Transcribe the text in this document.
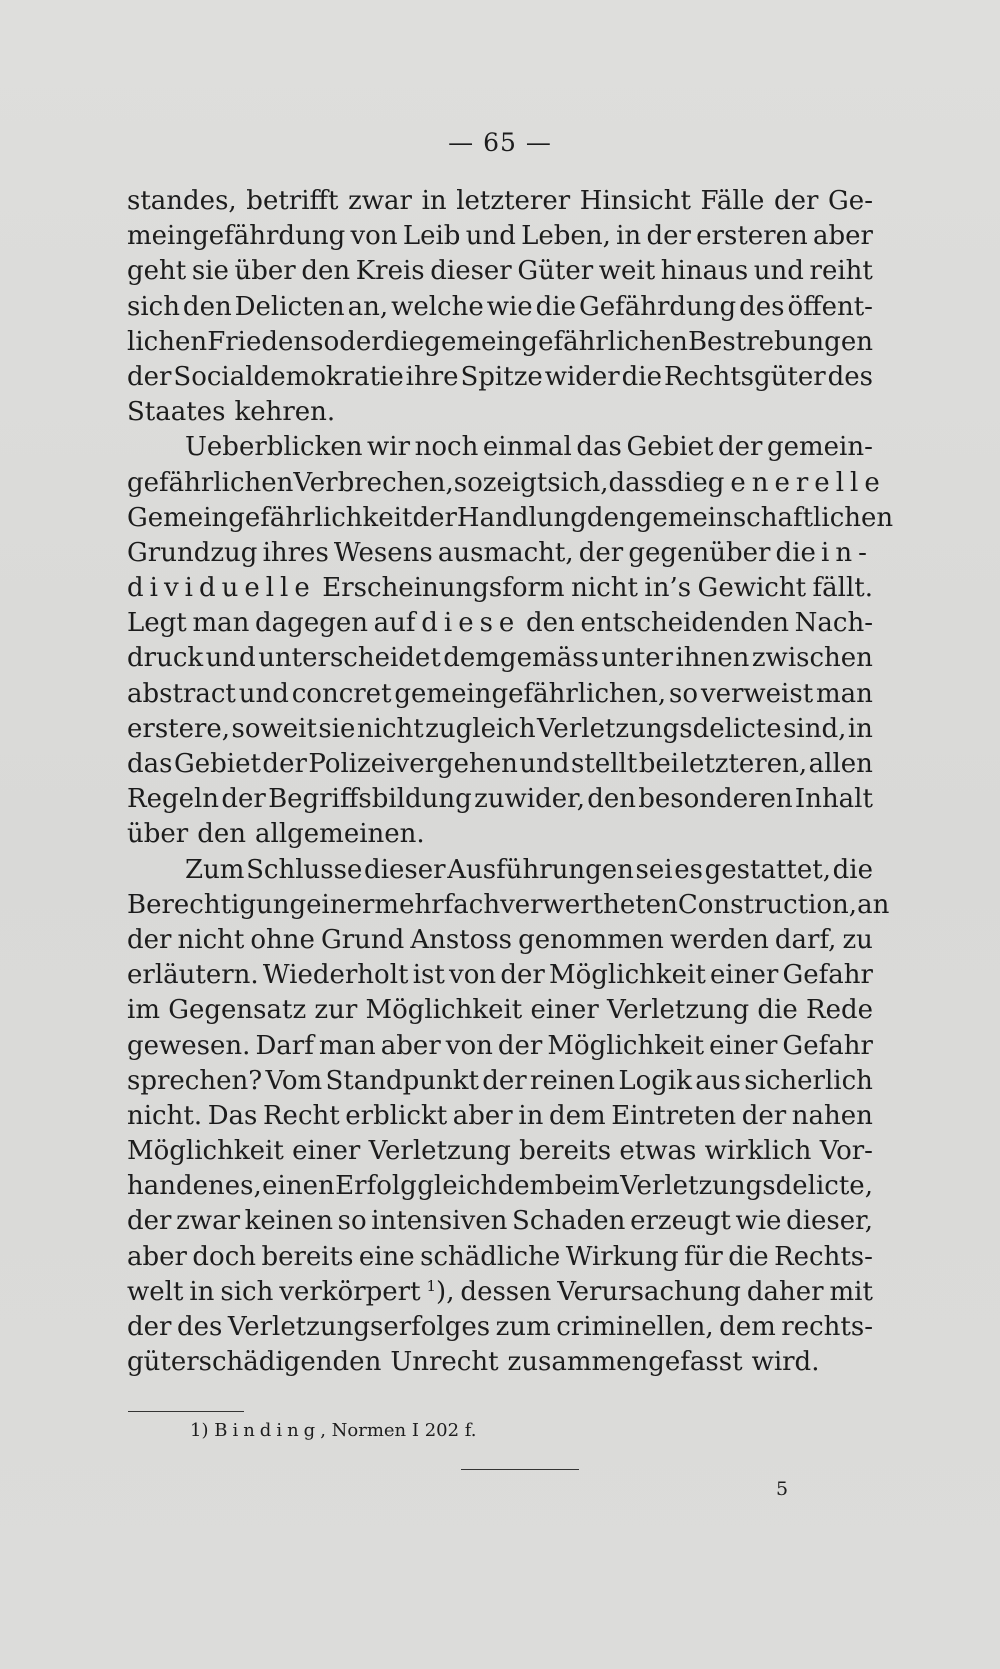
— 65 —
standes, betrifft zwar in letzterer Hinsicht Fälle der Ge-
meingefährdung von Leib und Leben, in der ersteren aber
geht sie über den Kreis dieser Güter weit hinaus und reiht
sich den Delicten an, welche wie die Gefährdung des öffent-
lichen Friedens oder die gemeingefährlichen Bestrebungen
der Socialdemokratie ihre Spitze wider die Rechtsgüter des
Staates kehren.
Ueberblicken wir noch einmal das Gebiet der gemein-
gefährlichen Verbrechen, so zeigt sich, dass die generelle
Gemeingefährlichkeit der Handlung den gemeinschaftlichen
Grundzug ihres Wesens ausmacht, der gegenüber die in-
dividuelle Erscheinungsform nicht in’s Gewicht fällt.
Legt man dagegen auf diese den entscheidenden Nach-
druck und unterscheidet demgemäss unter ihnen zwischen
abstract und concret gemeingefährlichen, so verweist man
erstere, soweit sie nicht zugleich Verletzungsdelicte sind, in
das Gebiet der Polizeivergehen und stellt bei letzteren, allen
Regeln der Begriffsbildung zuwider, den besonderen Inhalt
über den allgemeinen.
Zum Schlusse dieser Ausführungen sei es gestattet, die
Berechtigung einer mehrfach verwertheten Construction, an
der nicht ohne Grund Anstoss genommen werden darf, zu
erläutern. Wiederholt ist von der Möglichkeit einer Gefahr
im Gegensatz zur Möglichkeit einer Verletzung die Rede
gewesen. Darf man aber von der Möglichkeit einer Gefahr
sprechen? Vom Standpunkt der reinen Logik aus sicherlich
nicht. Das Recht erblickt aber in dem Eintreten der nahen
Möglichkeit einer Verletzung bereits etwas wirklich Vor-
handenes, einen Erfolg gleich dem beim Verletzungsdelicte,
der zwar keinen so intensiven Schaden erzeugt wie dieser,
aber doch bereits eine schädliche Wirkung für die Rechts-
welt in sich verkörpert $^1$), dessen Verursachung daher mit
der des Verletzungserfolges zum criminellen, dem rechts-
güterschädigenden Unrecht zusammengefasst wird.
1) Binding, Normen I 202 f.
5
